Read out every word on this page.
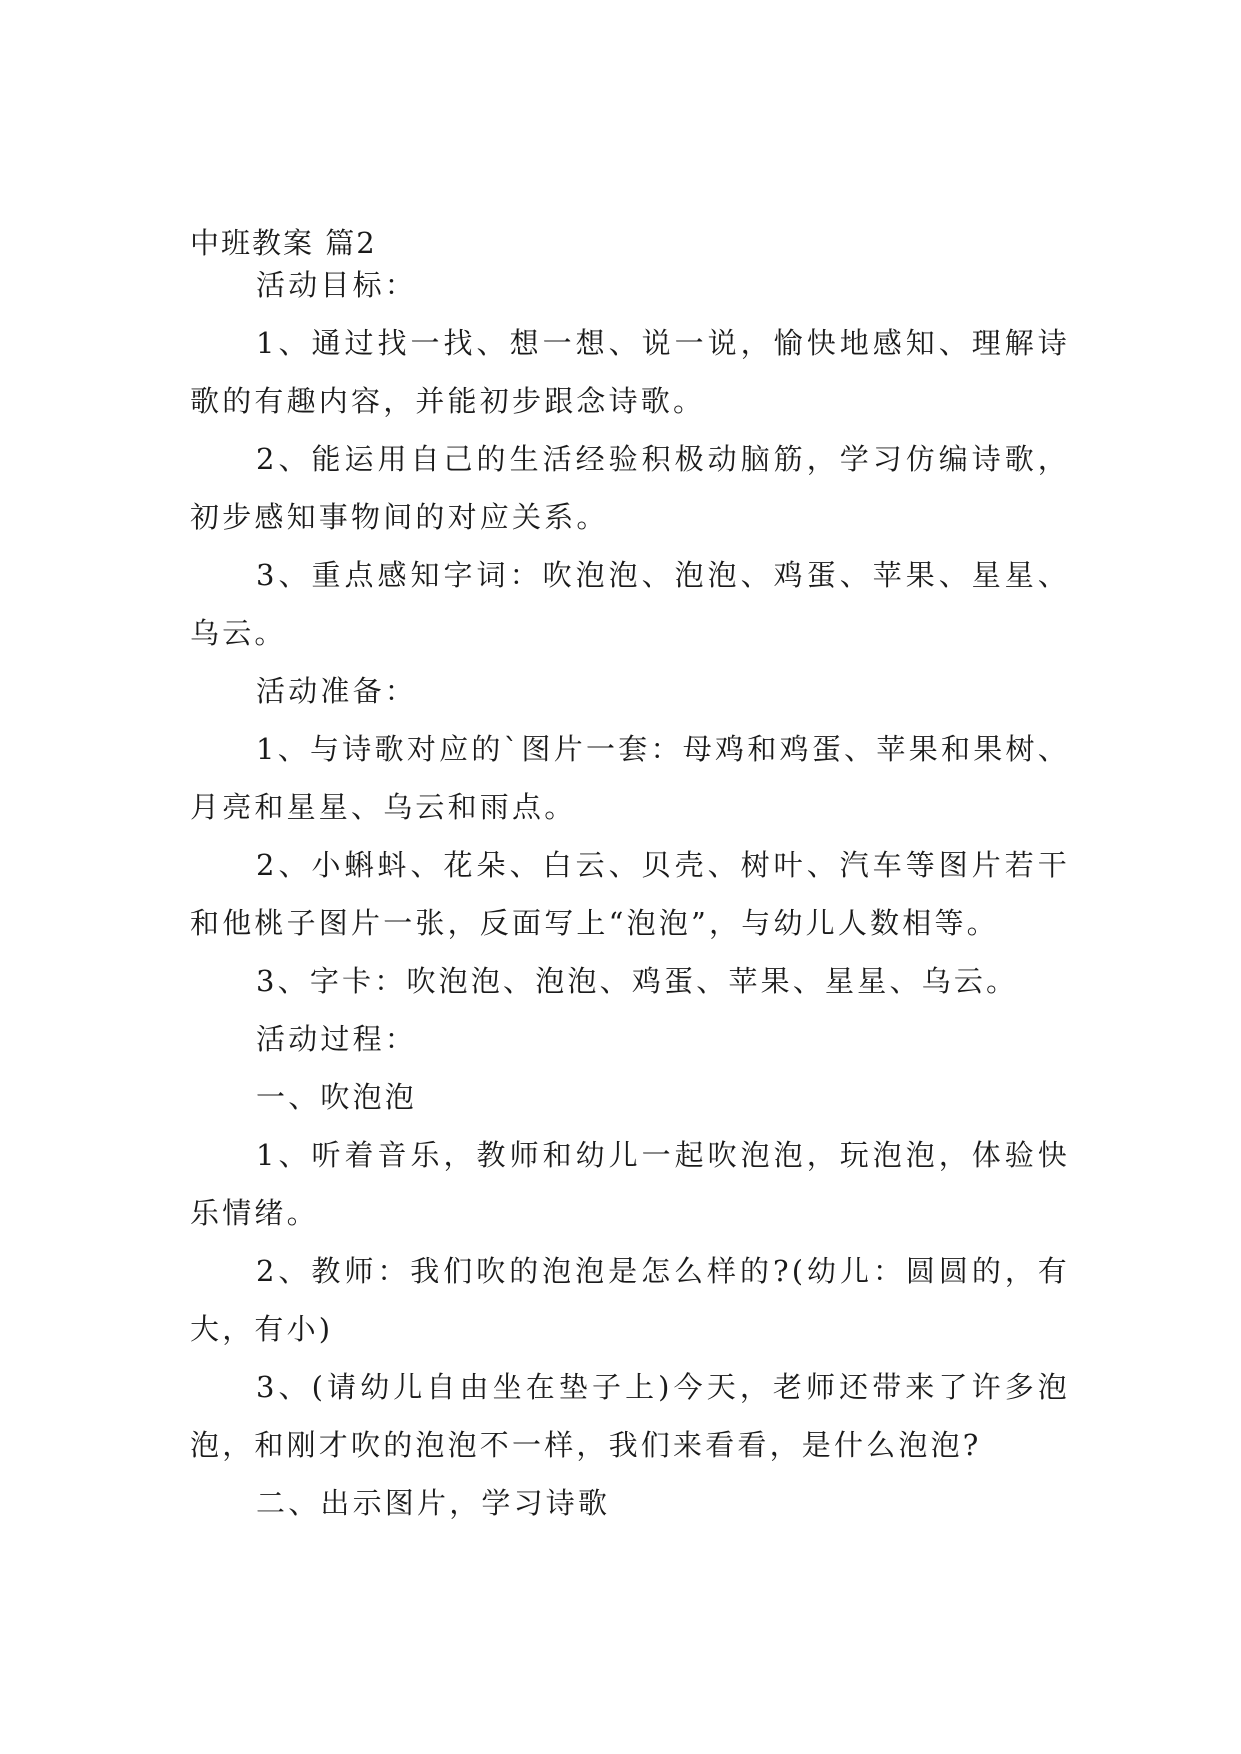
中班教案 篇2

活动目标：

1、通过找一找、想一想、说一说，愉快地感知、理解诗歌的有趣内容，并能初步跟念诗歌。

2、能运用自己的生活经验积极动脑筋，学习仿编诗歌，初步感知事物间的对应关系。

3、重点感知字词：吹泡泡、泡泡、鸡蛋、苹果、星星、乌云。

活动准备：

1、与诗歌对应的`图片一套：母鸡和鸡蛋、苹果和果树、月亮和星星、乌云和雨点。

2、小蝌蚪、花朵、白云、贝壳、树叶、汽车等图片若干和他桃子图片一张，反面写上“泡泡”，与幼儿人数相等。

3、字卡：吹泡泡、泡泡、鸡蛋、苹果、星星、乌云。

活动过程：

一、吹泡泡

1、听着音乐，教师和幼儿一起吹泡泡，玩泡泡，体验快乐情绪。

2、教师：我们吹的泡泡是怎么样的?(幼儿：圆圆的，有大，有小)

3、(请幼儿自由坐在垫子上)今天，老师还带来了许多泡泡，和刚才吹的泡泡不一样，我们来看看，是什么泡泡?

二、出示图片，学习诗歌
